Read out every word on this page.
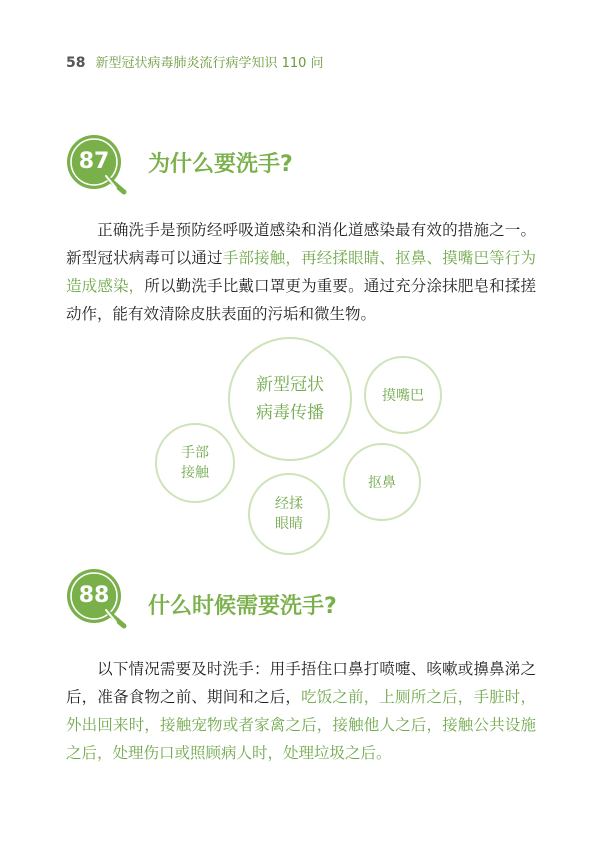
58 新型冠状病毒肺炎流行病学知识 110 问
87	为什么要洗手?
正确洗手是预防经呼吸道感染和消化道感染最有效的措施之一。新型冠状病毒可以通过手部接触，再经揉眼睛、抠鼻、摸嘴巴等行为造成感染，所以勤洗手比戴口罩更为重要。通过充分涂抹肥皂和揉搓动作，能有效清除皮肤表面的污垢和微生物。
新型冠状
病毒传播
摸嘴巴
手部
接触
抠鼻
经揉
眼睛
88	什么时候需要洗手?
以下情况需要及时洗手：用手捂住口鼻打喷嚏、咳嗽或擤鼻涕之后，准备食物之前、期间和之后，吃饭之前，上厕所之后，手脏时，外出回来时，接触宠物或者家禽之后，接触他人之后，接触公共设施之后，处理伤口或照顾病人时，处理垃圾之后。
